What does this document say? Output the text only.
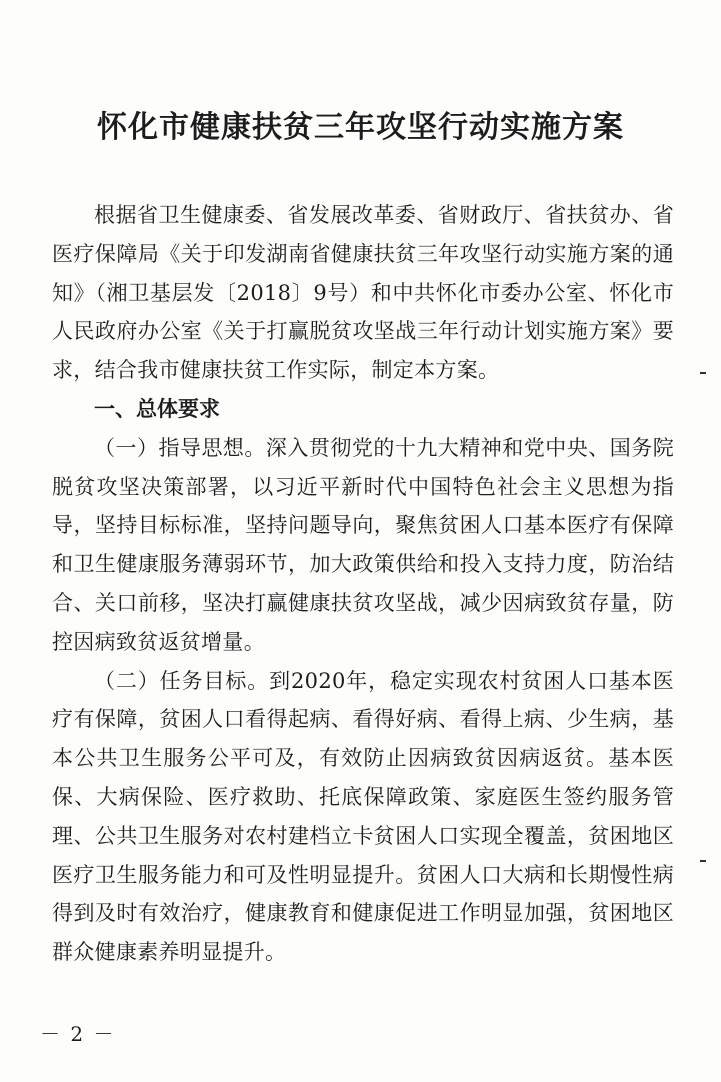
怀化市健康扶贫三年攻坚行动实施方案

根据省卫生健康委、省发展改革委、省财政厅、省扶贫办、省医疗保障局《关于印发湖南省健康扶贫三年攻坚行动实施方案的通知》（湘卫基层发〔2018〕9号）和中共怀化市委办公室、怀化市人民政府办公室《关于打赢脱贫攻坚战三年行动计划实施方案》要求，结合我市健康扶贫工作实际，制定本方案。

一、总体要求

（一）指导思想。深入贯彻党的十九大精神和党中央、国务院脱贫攻坚决策部署，以习近平新时代中国特色社会主义思想为指导，坚持目标标准，坚持问题导向，聚焦贫困人口基本医疗有保障和卫生健康服务薄弱环节，加大政策供给和投入支持力度，防治结合、关口前移，坚决打赢健康扶贫攻坚战，减少因病致贫存量，防控因病致贫返贫增量。

（二）任务目标。到2020年，稳定实现农村贫困人口基本医疗有保障，贫困人口看得起病、看得好病、看得上病、少生病，基本公共卫生服务公平可及，有效防止因病致贫因病返贫。基本医保、大病保险、医疗救助、托底保障政策、家庭医生签约服务管理、公共卫生服务对农村建档立卡贫困人口实现全覆盖，贫困地区医疗卫生服务能力和可及性明显提升。贫困人口大病和长期慢性病得到及时有效治疗，健康教育和健康促进工作明显加强，贫困地区群众健康素养明显提升。

－ 2 －
